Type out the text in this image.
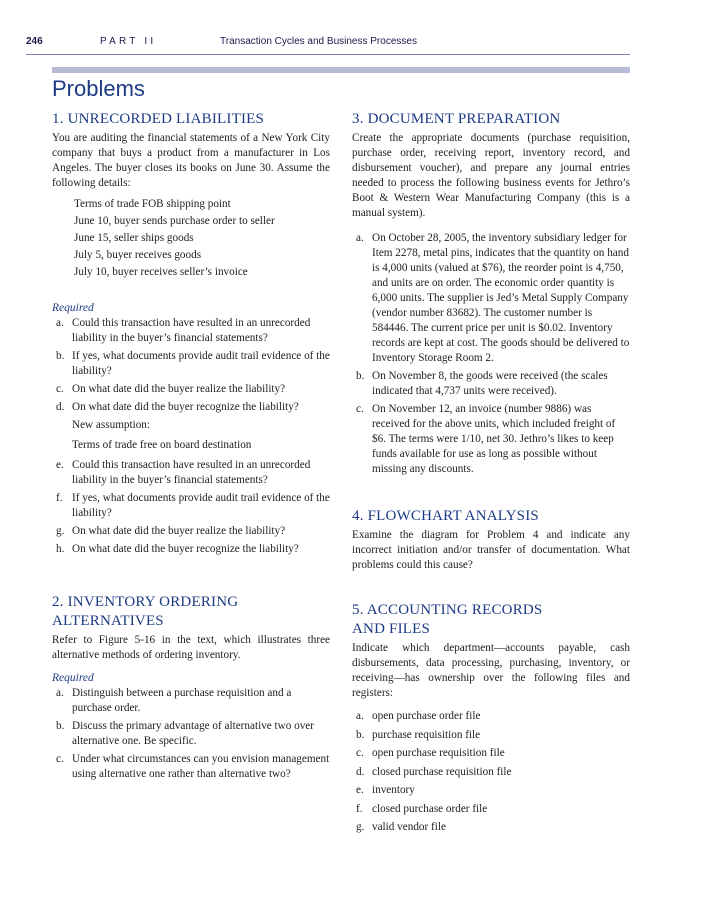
246	PART II	Transaction Cycles and Business Processes
Problems
1. UNRECORDED LIABILITIES

You are auditing the financial statements of a New York City company that buys a product from a manufacturer in Los Angeles. The buyer closes its books on June 30. Assume the following details:

Terms of trade FOB shipping point
June 10, buyer sends purchase order to seller
June 15, seller ships goods
July 5, buyer receives goods
July 10, buyer receives seller’s invoice
Required
a. Could this transaction have resulted in an unrecorded liability in the buyer’s financial statements?
b. If yes, what documents provide audit trail evidence of the liability?
c. On what date did the buyer realize the liability?
d. On what date did the buyer recognize the liability?
New assumption:
Terms of trade free on board destination
e. Could this transaction have resulted in an unrecorded liability in the buyer’s financial statements?
f. If yes, what documents provide audit trail evidence of the liability?
g. On what date did the buyer realize the liability?
h. On what date did the buyer recognize the liability?
2. INVENTORY ORDERING ALTERNATIVES

Refer to Figure 5-16 in the text, which illustrates three alternative methods of ordering inventory.

Required
a. Distinguish between a purchase requisition and a purchase order.
b. Discuss the primary advantage of alternative two over alternative one. Be specific.
c. Under what circumstances can you envision management using alternative one rather than alternative two?
3. DOCUMENT PREPARATION

Create the appropriate documents (purchase requisition, purchase order, receiving report, inventory record, and disbursement voucher), and prepare any journal entries needed to process the following business events for Jethro’s Boot & Western Wear Manufacturing Company (this is a manual system).

a. On October 28, 2005, the inventory subsidiary ledger for Item 2278, metal pins, indicates that the quantity on hand is 4,000 units (valued at $76), the reorder point is 4,750, and units are on order. The economic order quantity is 6,000 units. The supplier is Jed’s Metal Supply Company (vendor number 83682). The customer number is 584446. The current price per unit is $0.02. Inventory records are kept at cost. The goods should be delivered to Inventory Storage Room 2.
b. On November 8, the goods were received (the scales indicated that 4,737 units were received).
c. On November 12, an invoice (number 9886) was received for the above units, which included freight of $6. The terms were 1/10, net 30. Jethro’s likes to keep funds available for use as long as possible without missing any discounts.
4. FLOWCHART ANALYSIS

Examine the diagram for Problem 4 and indicate any incorrect initiation and/or transfer of documentation. What problems could this cause?

5. ACCOUNTING RECORDS AND FILES

Indicate which department—accounts payable, cash disbursements, data processing, purchasing, inventory, or receiving—has ownership over the following files and registers:

a. open purchase order file
b. purchase requisition file
c. open purchase requisition file
d. closed purchase requisition file
e. inventory
f. closed purchase order file
g. valid vendor file
